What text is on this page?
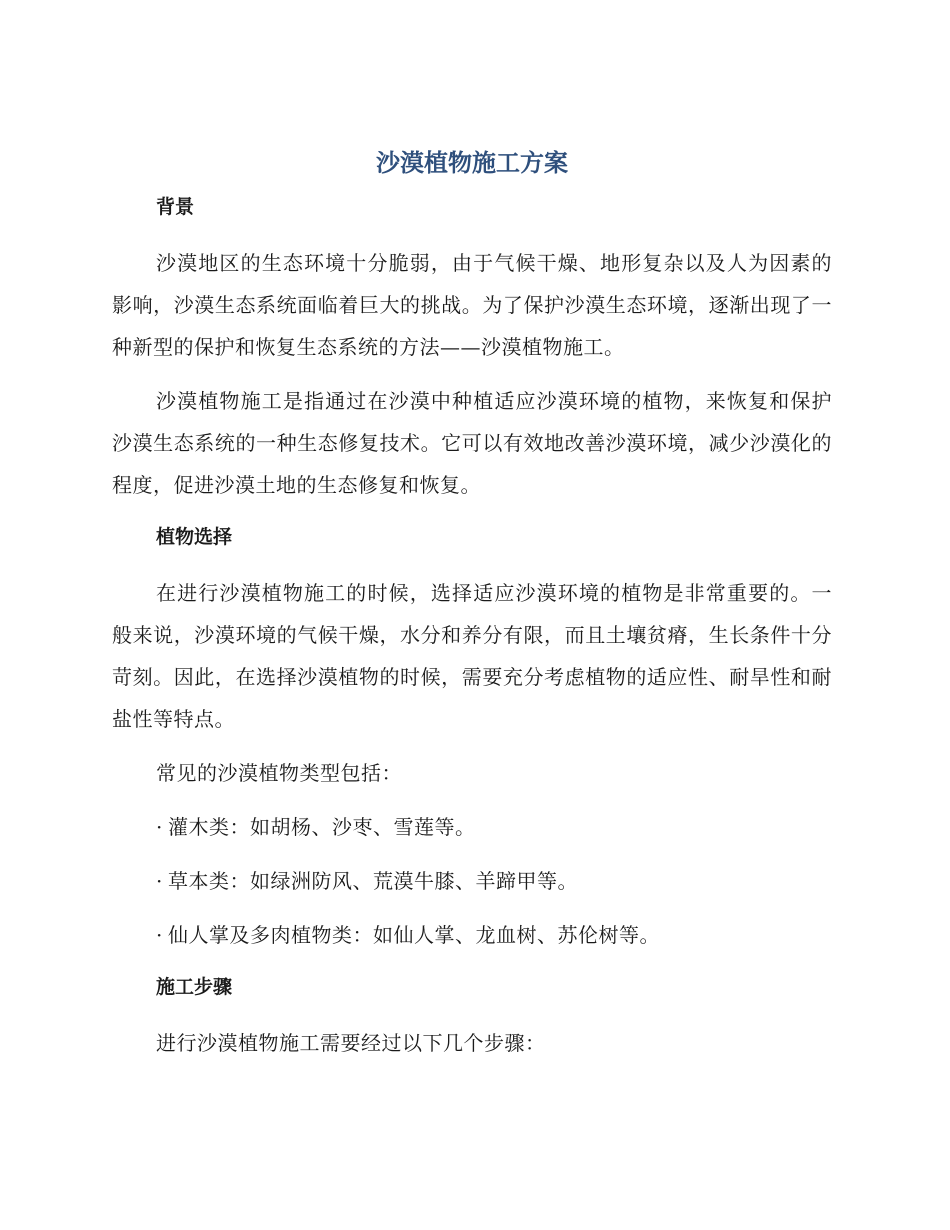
沙漠植物施工方案
背景

沙漠地区的生态环境十分脆弱，由于气候干燥、地形复杂以及人为因素的影响，沙漠生态系统面临着巨大的挑战。为了保护沙漠生态环境，逐渐出现了一种新型的保护和恢复生态系统的方法——沙漠植物施工。

沙漠植物施工是指通过在沙漠中种植适应沙漠环境的植物，来恢复和保护沙漠生态系统的一种生态修复技术。它可以有效地改善沙漠环境，减少沙漠化的程度，促进沙漠土地的生态修复和恢复。

植物选择

在进行沙漠植物施工的时候，选择适应沙漠环境的植物是非常重要的。一般来说，沙漠环境的气候干燥，水分和养分有限，而且土壤贫瘠，生长条件十分苛刻。因此，在选择沙漠植物的时候，需要充分考虑植物的适应性、耐旱性和耐盐性等特点。

常见的沙漠植物类型包括：

· 灌木类：如胡杨、沙枣、雪莲等。

· 草本类：如绿洲防风、荒漠牛膝、羊蹄甲等。

· 仙人掌及多肉植物类：如仙人掌、龙血树、苏伦树等。

施工步骤

进行沙漠植物施工需要经过以下几个步骤：
